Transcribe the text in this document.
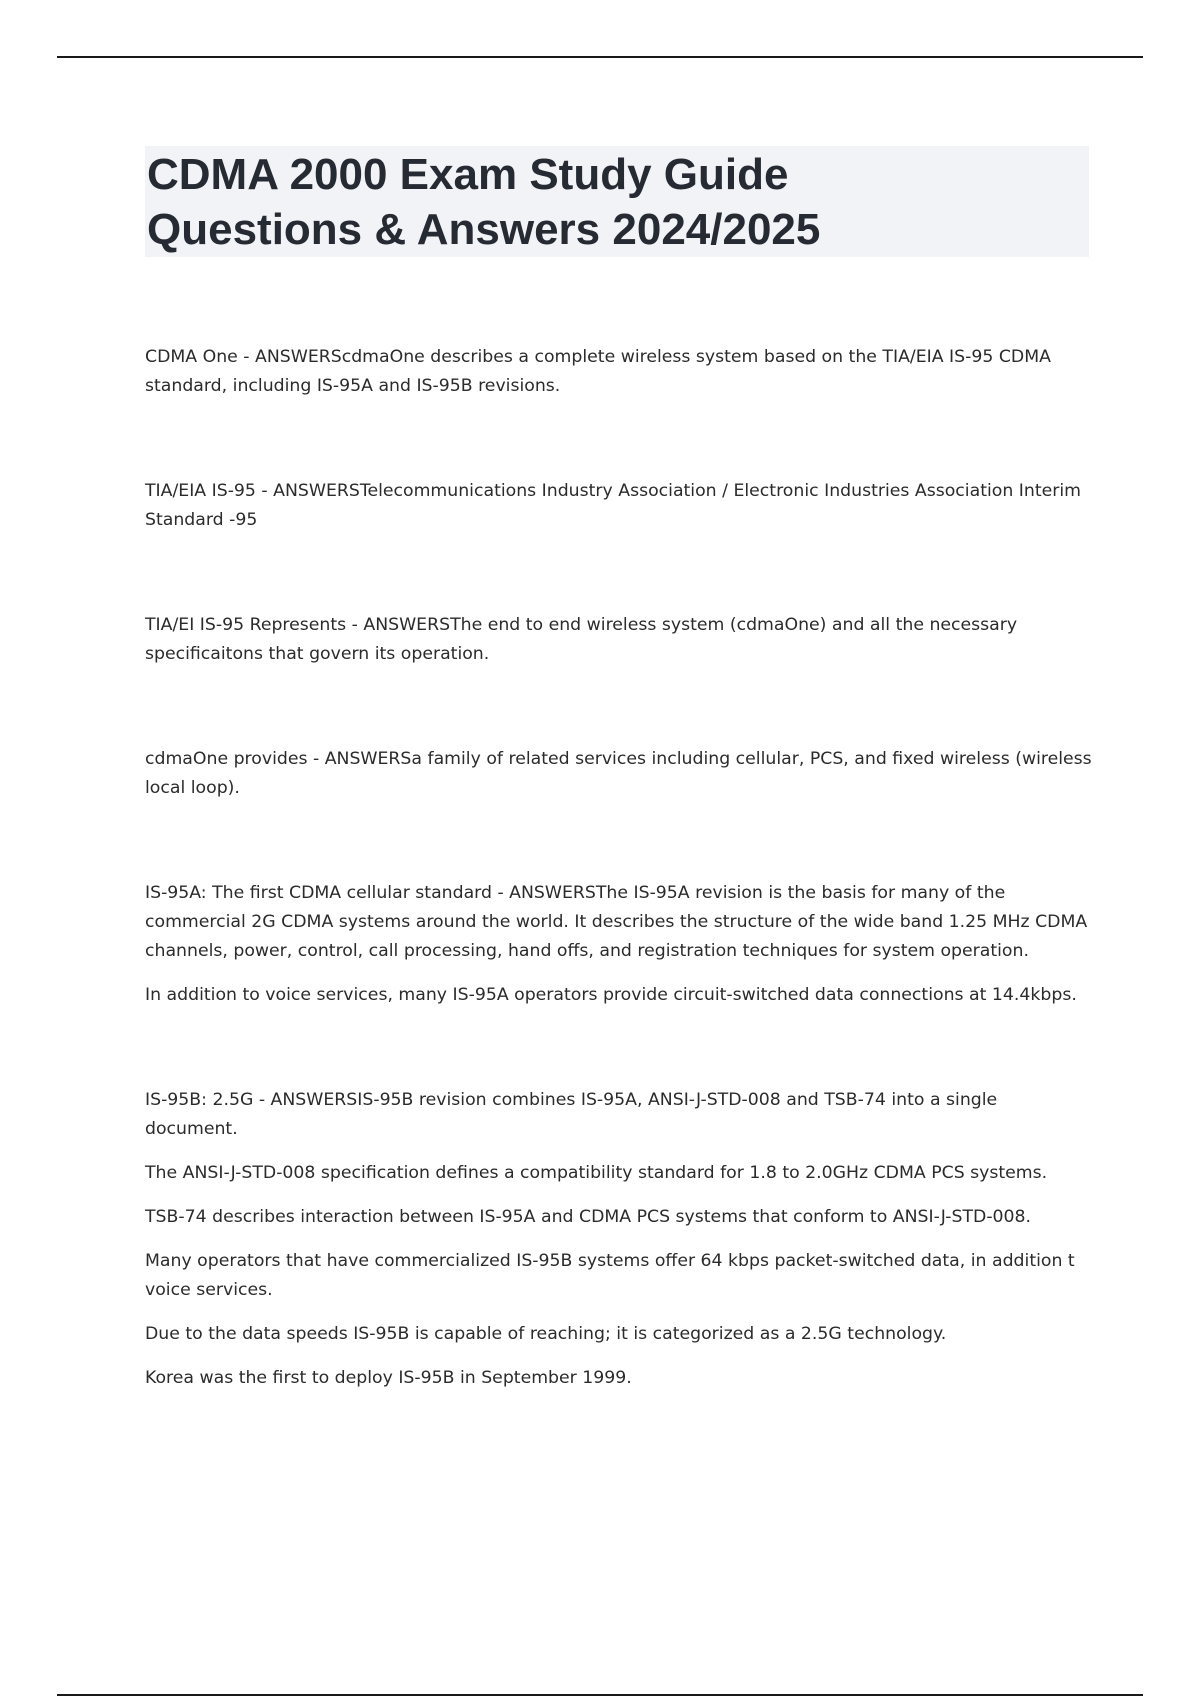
CDMA 2000 Exam Study Guide
Questions & Answers 2024/2025

CDMA One - ANSWERScdmaOne describes a complete wireless system based on the TIA/EIA IS-95 CDMA standard, including IS-95A and IS-95B revisions.

TIA/EIA IS-95 - ANSWERSTelecommunications Industry Association / Electronic Industries Association Interim Standard -95

TIA/EI IS-95 Represents - ANSWERSThe end to end wireless system (cdmaOne) and all the necessary specificaitons that govern its operation.

cdmaOne provides - ANSWERSa family of related services including cellular, PCS, and fixed wireless (wireless local loop).

IS-95A: The first CDMA cellular standard - ANSWERSThe IS-95A revision is the basis for many of the commercial 2G CDMA systems around the world. It describes the structure of the wide band 1.25 MHz CDMA channels, power, control, call processing, hand offs, and registration techniques for system operation.

In addition to voice services, many IS-95A operators provide circuit-switched data connections at 14.4kbps.

IS-95B: 2.5G - ANSWERSIS-95B revision combines IS-95A, ANSI-J-STD-008 and TSB-74 into a single document.

The ANSI-J-STD-008 specification defines a compatibility standard for 1.8 to 2.0GHz CDMA PCS systems.

TSB-74 describes interaction between IS-95A and CDMA PCS systems that conform to ANSI-J-STD-008.

Many operators that have commercialized IS-95B systems offer 64 kbps packet-switched data, in addition t voice services.

Due to the data speeds IS-95B is capable of reaching; it is categorized as a 2.5G technology.

Korea was the first to deploy IS-95B in September 1999.
